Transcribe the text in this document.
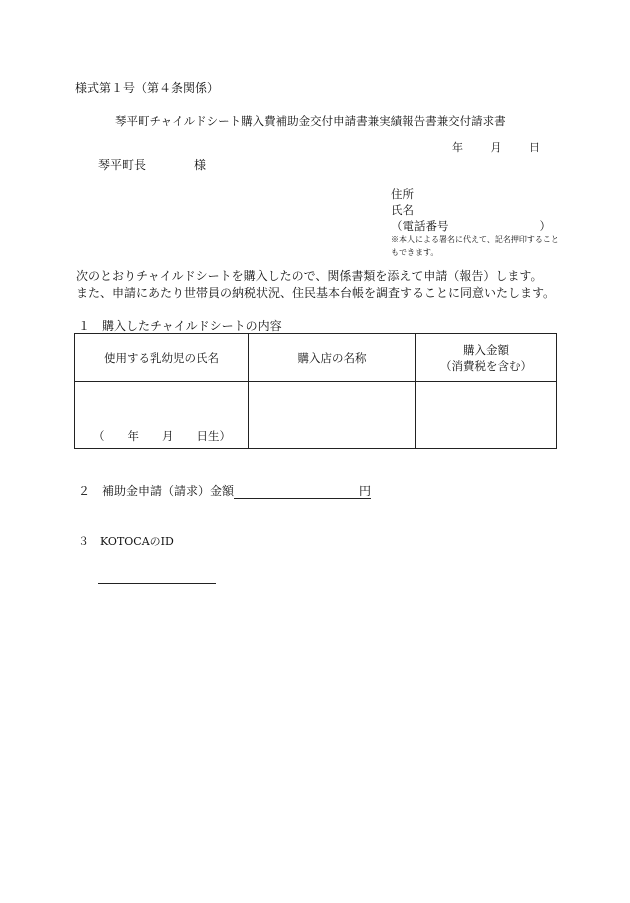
様式第１号（第４条関係）
琴平町チャイルドシート購入費補助金交付申請書兼実績報告書兼交付請求書
年	月	日
琴平町長	様
住所
氏名
（電話番号	）
※本人による署名に代えて、記名押印することもできます。
次のとおりチャイルドシートを購入したので、関係書類を添えて申請（報告）します。
また、申請にあたり世帯員の納税状況、住民基本台帳を調査することに同意いたします。
１　購入したチャイルドシートの内容
使用する乳幼児の氏名	購入店の名称	購入金額
（消費税を含む）

（ 年 月 日生）		

２　補助金申請（請求）金額	円
３　KOTOCAのID
